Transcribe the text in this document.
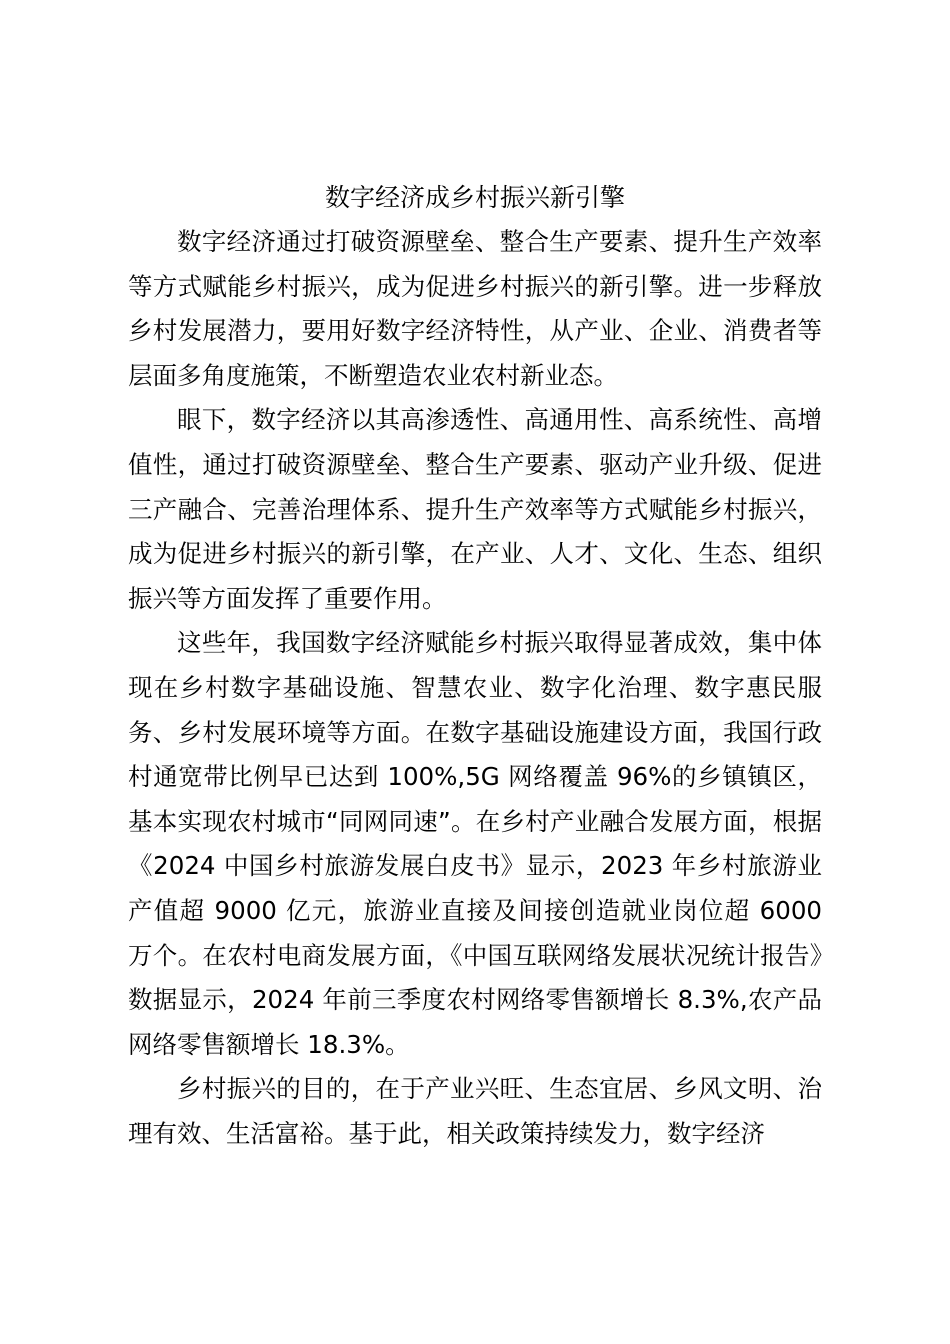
数字经济成乡村振兴新引擎

数字经济通过打破资源壁垒、整合生产要素、提升生产效率等方式赋能乡村振兴，成为促进乡村振兴的新引擎。进一步释放乡村发展潜力，要用好数字经济特性，从产业、企业、消费者等层面多角度施策，不断塑造农业农村新业态。

眼下，数字经济以其高渗透性、高通用性、高系统性、高增值性，通过打破资源壁垒、整合生产要素、驱动产业升级、促进三产融合、完善治理体系、提升生产效率等方式赋能乡村振兴，成为促进乡村振兴的新引擎，在产业、人才、文化、生态、组织振兴等方面发挥了重要作用。

这些年，我国数字经济赋能乡村振兴取得显著成效，集中体现在乡村数字基础设施、智慧农业、数字化治理、数字惠民服务、乡村发展环境等方面。在数字基础设施建设方面，我国行政村通宽带比例早已达到 100%,5G 网络覆盖 96%的乡镇镇区，基本实现农村城市“同网同速”。在乡村产业融合发展方面，根据《2024 中国乡村旅游发展白皮书》显示，2023 年乡村旅游业产值超 9000 亿元，旅游业直接及间接创造就业岗位超 6000 万个。在农村电商发展方面，《中国互联网络发展状况统计报告》数据显示，2024 年前三季度农村网络零售额增长 8.3%,农产品网络零售额增长 18.3%。

乡村振兴的目的，在于产业兴旺、生态宜居、乡风文明、治理有效、生活富裕。基于此，相关政策持续发力，数字经济
